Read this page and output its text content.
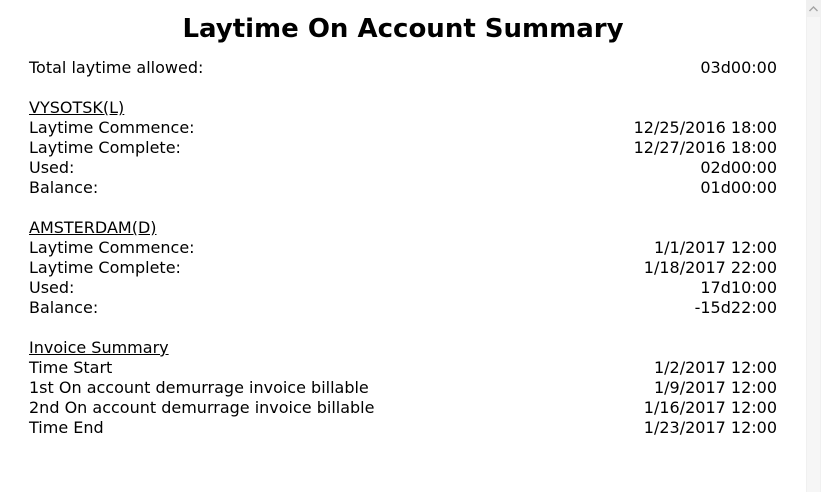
Laytime On Account Summary
Total laytime allowed:	03d00:00
VYSOTSK(L)
Laytime Commence:	12/25/2016 18:00
Laytime Complete:	12/27/2016 18:00
Used:	02d00:00
Balance:	01d00:00
AMSTERDAM(D)
Laytime Commence:	1/1/2017 12:00
Laytime Complete:	1/18/2017 22:00
Used:	17d10:00
Balance:	-15d22:00
Invoice Summary
Time Start	1/2/2017 12:00
1st On account demurrage invoice billable	1/9/2017 12:00
2nd On account demurrage invoice billable	1/16/2017 12:00
Time End	1/23/2017 12:00
